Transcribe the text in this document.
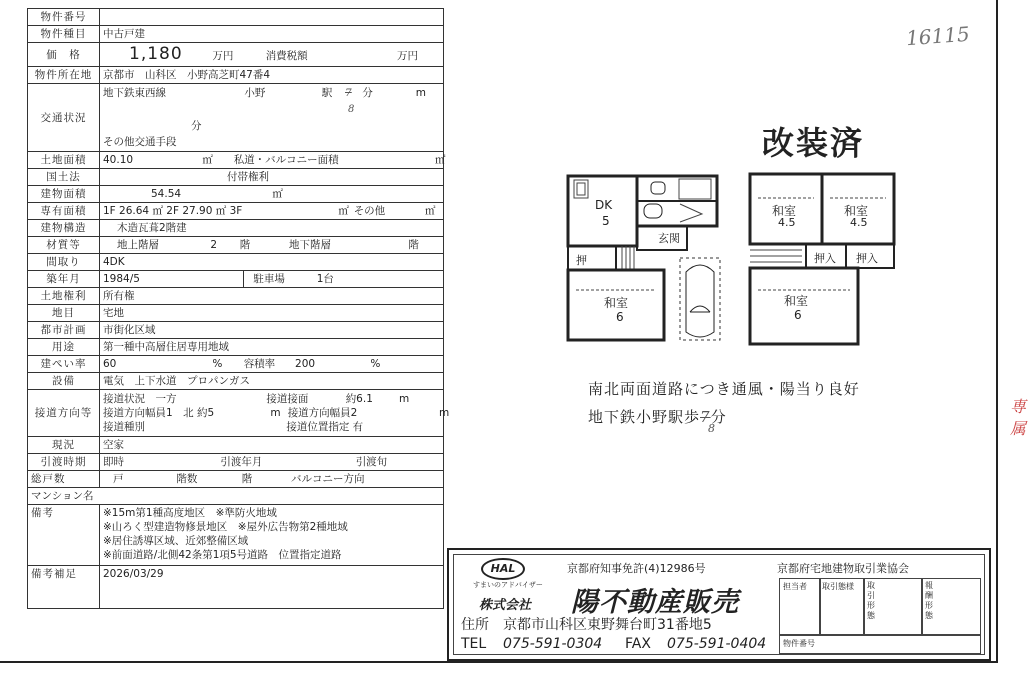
16115
専属
物件番号	
物件種目	中古戸建
価　格	1,180 万円 消費税額 万円
物件所在地	京都市　山科区　小野高芝町47番4
交通状況	地下鉄東西線 小野 駅 7 分 m
8
分
その他交通手段
土地面積	40.10 ㎡ 私道・バルコニー面積 ㎡
国土法	付帯権利
建物面積	54.54 ㎡
専有面積	1F 26.64 ㎡ 2F 27.90 ㎡ 3F ㎡ その他 ㎡
建物構造	木造瓦葺2階建
材質等	地上階層 2 階 地下階層 階
間取り	4DK
築年月	1984/5 駐車場 1台
土地権利	所有権
地目	宅地
都市計画	市街化区域
用途	第一種中高層住居専用地域
建ぺい率	60 % 容積率 200 %
設備	電気　上下水道　プロパンガス
接道方向等	接道状況　一方 接道接面 約6.1 m
接道方向幅員1　北 約5 m 接道方向幅員2 m
接道種別 接道位置指定 有
現況	空家
引渡時期	即時 引渡年月 引渡旬
総戸数	戸 階数 階 バルコニー方向
マンション名	
備考	※15m第1種高度地区　※準防火地域
※山ろく型建造物修景地区　※屋外広告物第2種地域
※居住誘導区域、近郊整備区域
※前面道路/北側42条第1項5号道路　位置指定道路

備考補足	2026/03/29
改装済
DK
5
玄関
押
和室
6
和室
4.5
和室
4.5
押入 押入
和室
6
南北両面道路につき通風・陽当り良好
地下鉄小野駅歩7分
8
HAL
すまいのアドバイザー
株式会社 陽不動産販売
京都府知事免許(4)12986号	京都府宅地建物取引業協会
住所 京都市山科区東野舞台町31番地5
TEL 075-591-0304 FAX 075-591-0404
担当者 取引態様 取引形態
報酬形態
物件番号
